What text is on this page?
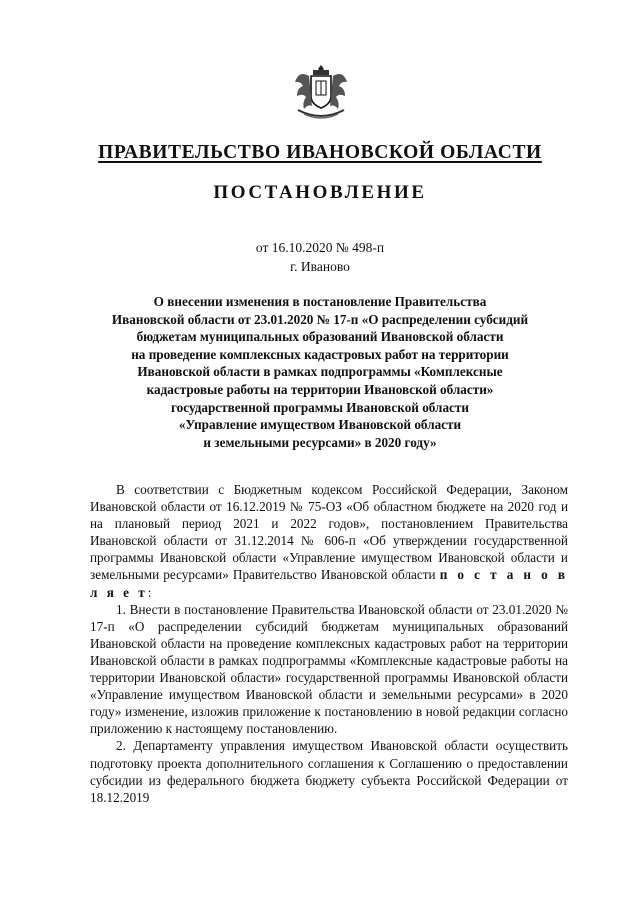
ПРАВИТЕЛЬСТВО ИВАНОВСКОЙ ОБЛАСТИ
ПОСТАНОВЛЕНИЕ
от 16.10.2020 № 498-п
г. Иваново
О внесении изменения в постановление Правительства
Ивановской области от 23.01.2020 № 17-п «О распределении субсидий
бюджетам муниципальных образований Ивановской области
на проведение комплексных кадастровых работ на территории
Ивановской области в рамках подпрограммы «Комплексные
кадастровые работы на территории Ивановской области»
государственной программы Ивановской области
«Управление имуществом Ивановской области
и земельными ресурсами» в 2020 году»

В соответствии с Бюджетным кодексом Российской Федерации, Законом Ивановской области от 16.12.2019 № 75-ОЗ «Об областном бюджете на 2020 год и на плановый период 2021 и 2022 годов», постановлением Правительства Ивановской области от 31.12.2014 № 606-п «Об утверждении государственной программы Ивановской области «Управление имуществом Ивановской области и земельными ресурсами» Правительство Ивановской области п о с т а н о в л я е т:

1. Внести в постановление Правительства Ивановской области от 23.01.2020 № 17-п «О распределении субсидий бюджетам муниципальных образований Ивановской области на проведение комплексных кадастровых работ на территории Ивановской области в рамках подпрограммы «Комплексные кадастровые работы на территории Ивановской области» государственной программы Ивановской области «Управление имуществом Ивановской области и земельными ресурсами» в 2020 году» изменение, изложив приложение к постановлению в новой редакции согласно приложению к настоящему постановлению.

2. Департаменту управления имуществом Ивановской области осуществить подготовку проекта дополнительного соглашения к Соглашению о предоставлении субсидии из федерального бюджета бюджету субъекта Российской Федерации от 18.12.2019
